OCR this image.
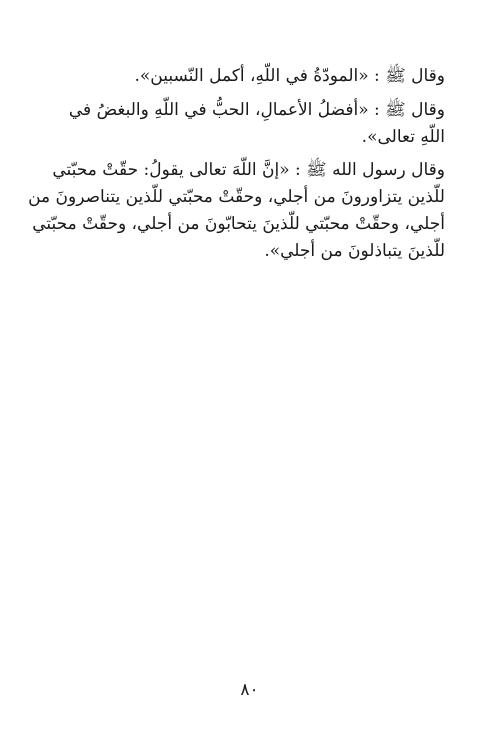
وقال ﷺ : «المودّةُ في اللّهِ، أكمل النّسبين».

وقال ﷺ : «أفضلُ الأعمالِ، الحبُّ في اللّهِ والبغضُ في
اللّهِ تعالى».

وقال رسول الله ﷺ : «إنَّ اللّهَ تعالى يقولُ: حقّتْ محبّتي
للّذين يتزاورونَ من أجلي، وحقّتْ محبّتي للّذين يتناصرونَ من
أجلي، وحقّتْ محبّتي للّذينَ يتحابّونَ من أجلي، وحقّتْ محبّتي
للّذينَ يتباذلونَ من أجلي».

٨٠
